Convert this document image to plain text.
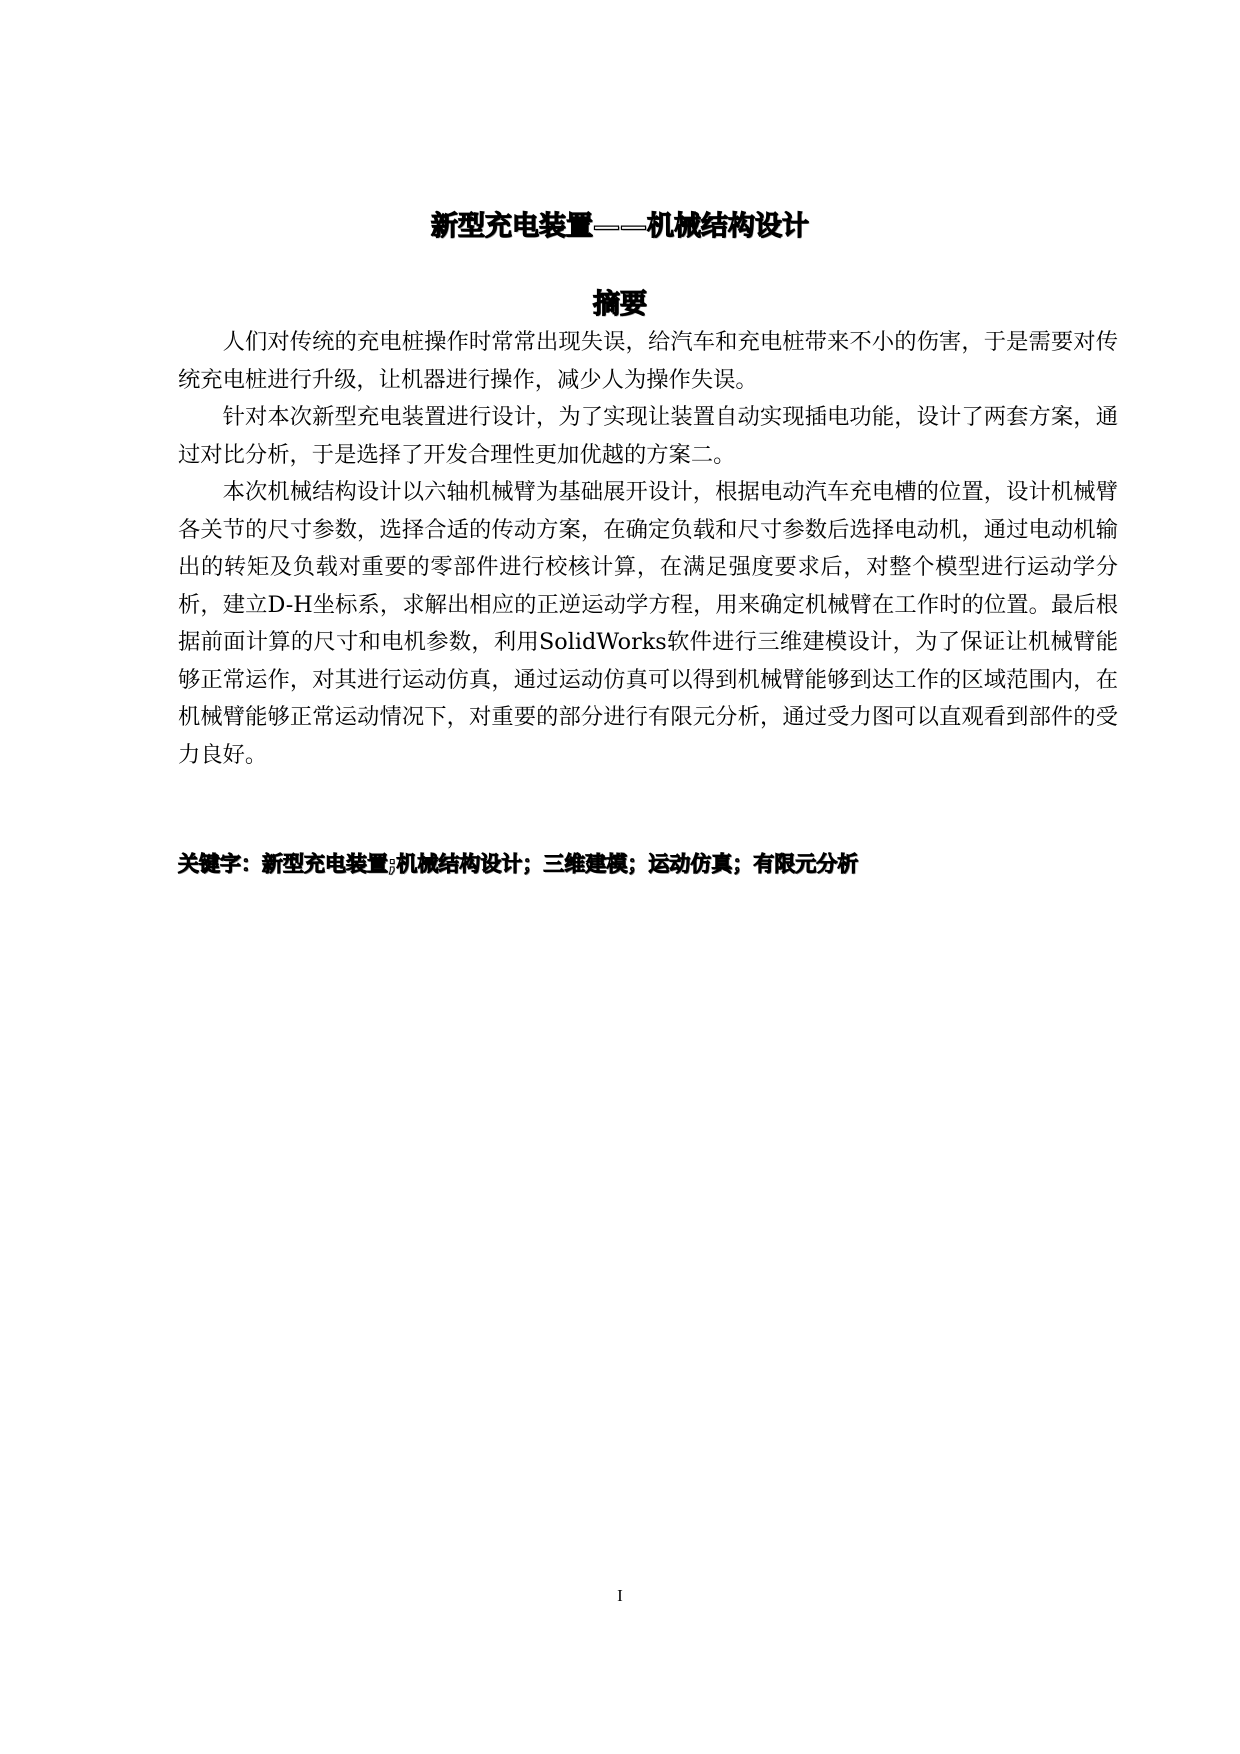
新型充电装置——机械结构设计
摘要

人们对传统的充电桩操作时常常出现失误，给汽车和充电桩带来不小的伤害，于是需要对传统充电桩进行升级，让机器进行操作，减少人为操作失误。

针对本次新型充电装置进行设计，为了实现让装置自动实现插电功能，设计了两套方案，通过对比分析，于是选择了开发合理性更加优越的方案二。

本次机械结构设计以六轴机械臂为基础展开设计，根据电动汽车充电槽的位置，设计机械臂各关节的尺寸参数，选择合适的传动方案，在确定负载和尺寸参数后选择电动机，通过电动机输出的转矩及负载对重要的零部件进行校核计算，在满足强度要求后，对整个模型进行运动学分析，建立D-H坐标系，求解出相应的正逆运动学方程，用来确定机械臂在工作时的位置。最后根据前面计算的尺寸和电机参数，利用SolidWorks软件进行三维建模设计，为了保证让机械臂能够正常运作，对其进行运动仿真，通过运动仿真可以得到机械臂能够到达工作的区域范围内，在机械臂能够正常运动情况下，对重要的部分进行有限元分析，通过受力图可以直观看到部件的受力良好。

关键字：新型充电装置;机械结构设计；三维建模；运动仿真；有限元分析
I
